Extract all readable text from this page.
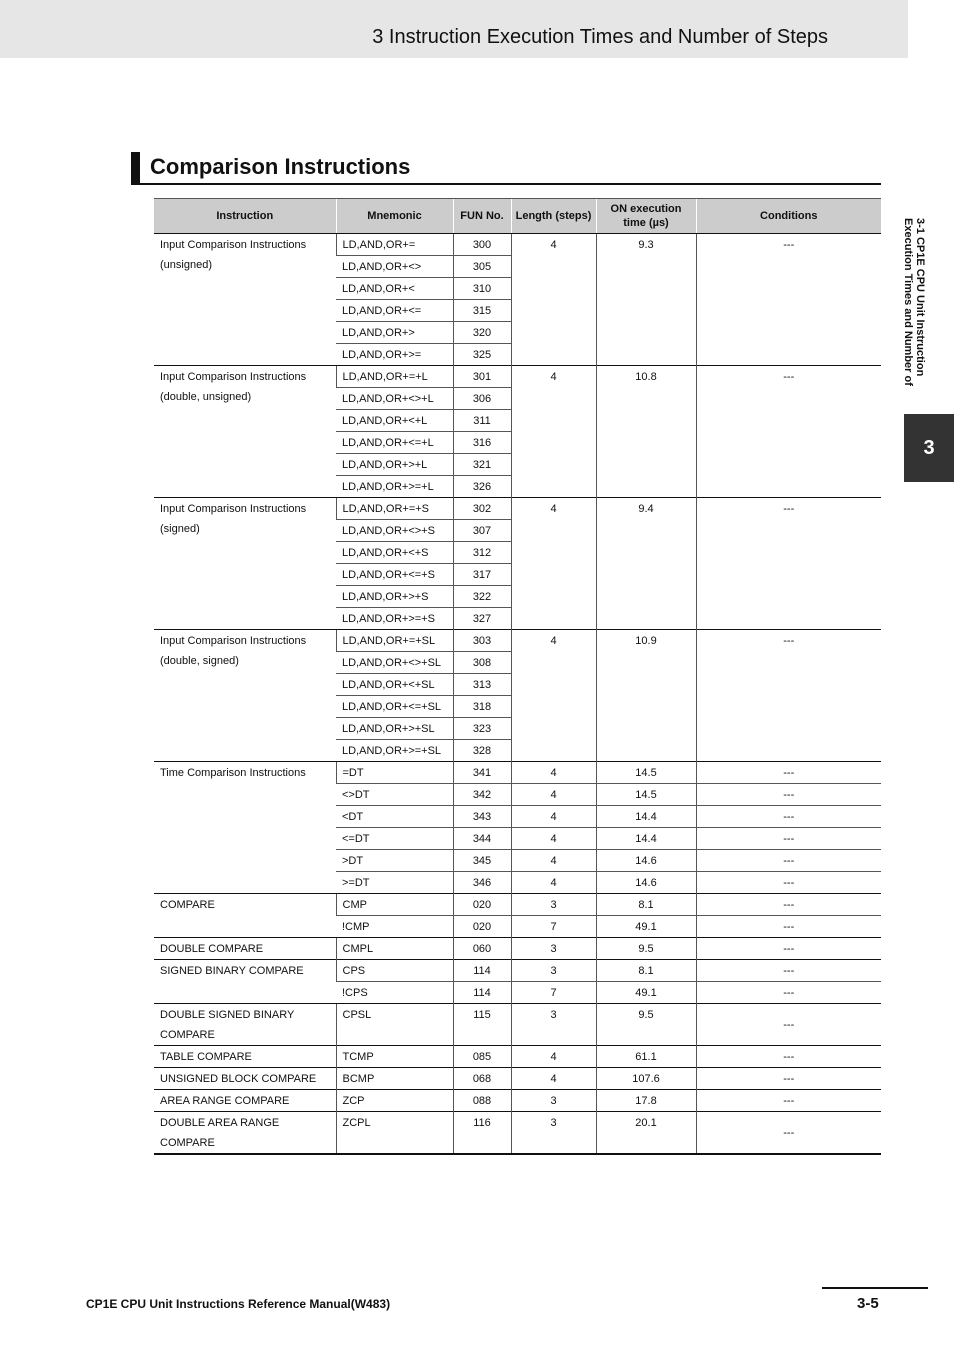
3 Instruction Execution Times and Number of Steps
Comparison Instructions
3-1 CP1E CPU Unit Instruction Execution Times and Number of
3
Instruction	Mnemonic	FUN No.	Length (steps)	ON execution time (µs)	Conditions
Input Comparison Instructions (unsigned)	LD,AND,OR+=	300	4	9.3	---
	LD,AND,OR+<>	305			
	LD,AND,OR+<	310			
	LD,AND,OR+<=	315			
	LD,AND,OR+>	320			
	LD,AND,OR+>=	325			
Input Comparison Instructions (double, unsigned)	LD,AND,OR+=+L	301	4	10.8	---
	LD,AND,OR+<>+L	306			
	LD,AND,OR+<+L	311			
	LD,AND,OR+<=+L	316			
	LD,AND,OR+>+L	321			
	LD,AND,OR+>=+L	326			
Input Comparison Instructions (signed)	LD,AND,OR+=+S	302	4	9.4	---
	LD,AND,OR+<>+S	307			
	LD,AND,OR+<+S	312			
	LD,AND,OR+<=+S	317			
	LD,AND,OR+>+S	322			
	LD,AND,OR+>=+S	327			
Input Comparison Instructions (double, signed)	LD,AND,OR+=+SL	303	4	10.9	---
	LD,AND,OR+<>+SL	308			
	LD,AND,OR+<+SL	313			
	LD,AND,OR+<=+SL	318			
	LD,AND,OR+>+SL	323			
	LD,AND,OR+>=+SL	328			
Time Comparison Instructions	=DT	341	4	14.5	---
	<>DT	342	4	14.5	---
	<DT	343	4	14.4	---
	<=DT	344	4	14.4	---
	>DT	345	4	14.6	---
	>=DT	346	4	14.6	---
COMPARE	CMP	020	3	8.1	---
	!CMP	020	7	49.1	---
DOUBLE COMPARE	CMPL	060	3	9.5	---
SIGNED BINARY COMPARE	CPS	114	3	8.1	---
	!CPS	114	7	49.1	---
DOUBLE SIGNED BINARY COMPARE	CPSL	115	3	9.5	---
TABLE COMPARE	TCMP	085	4	61.1	---
UNSIGNED BLOCK COMPARE	BCMP	068	4	107.6	---
AREA RANGE COMPARE	ZCP	088	3	17.8	---
DOUBLE AREA RANGE COMPARE	ZCPL	116	3	20.1	---
CP1E CPU Unit Instructions Reference Manual(W483)	3-5
